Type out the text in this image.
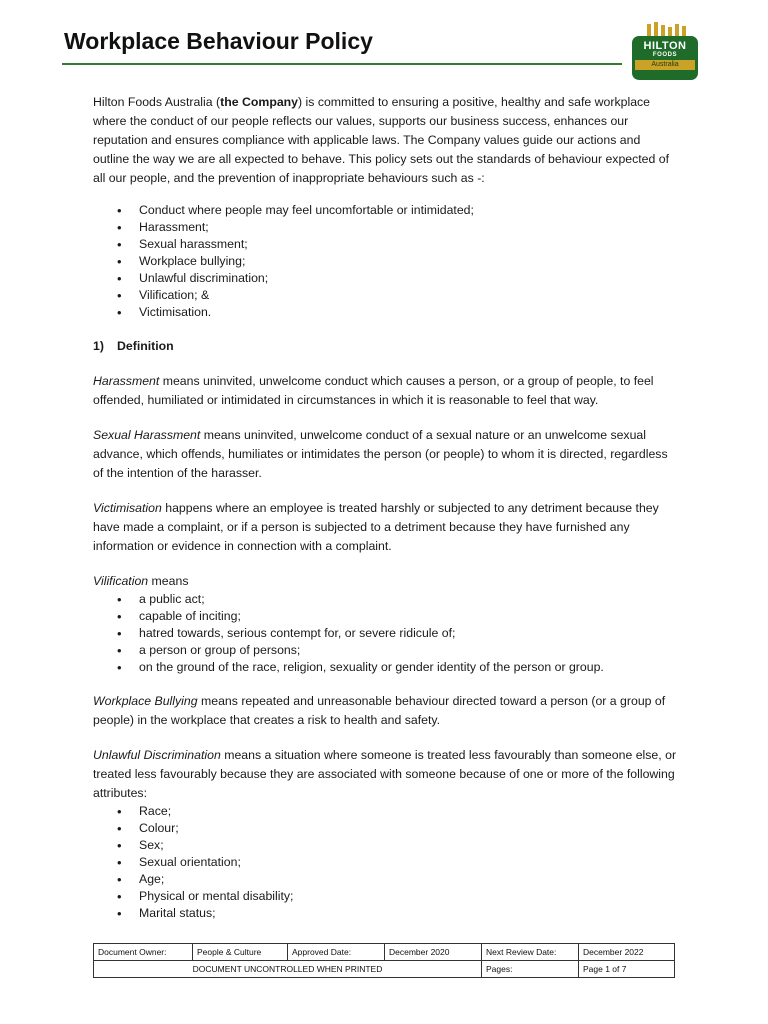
Workplace Behaviour Policy	HILTON
FOODS
Australia

Hilton Foods Australia (the Company) is committed to ensuring a positive, healthy and safe workplace where the conduct of our people reflects our values, supports our business success, enhances our reputation and ensures compliance with applicable laws. The Company values guide our actions and outline the way we are all expected to behave. This policy sets out the standards of behaviour expected of all our people, and the prevention of inappropriate behaviours such as -:

• Conduct where people may feel uncomfortable or intimidated;
• Harassment;
• Sexual harassment;
• Workplace bullying;
• Unlawful discrimination;
• Vilification; &
• Victimisation.

1) Definition

Harassment means uninvited, unwelcome conduct which causes a person, or a group of people, to feel offended, humiliated or intimidated in circumstances in which it is reasonable to feel that way.

Sexual Harassment means uninvited, unwelcome conduct of a sexual nature or an unwelcome sexual advance, which offends, humiliates or intimidates the person (or people) to whom it is directed, regardless of the intention of the harasser.

Victimisation happens where an employee is treated harshly or subjected to any detriment because they have made a complaint, or if a person is subjected to a detriment because they have furnished any information or evidence in connection with a complaint.

Vilification means

• a public act;
• capable of inciting;
• hatred towards, serious contempt for, or severe ridicule of;
• a person or group of persons;
• on the ground of the race, religion, sexuality or gender identity of the person or group.

Workplace Bullying means repeated and unreasonable behaviour directed toward a person (or a group of people) in the workplace that creates a risk to health and safety.

Unlawful Discrimination means a situation where someone is treated less favourably than someone else, or treated less favourably because they are associated with someone because of one or more of the following attributes:

• Race;
• Colour;
• Sex;
• Sexual orientation;
• Age;
• Physical or mental disability;
• Marital status;
Document Owner:	People & Culture	Approved Date:	December 2020	Next Review Date:	December 2022
DOCUMENT UNCONTROLLED WHEN PRINTED				Pages:	Page 1 of 7
